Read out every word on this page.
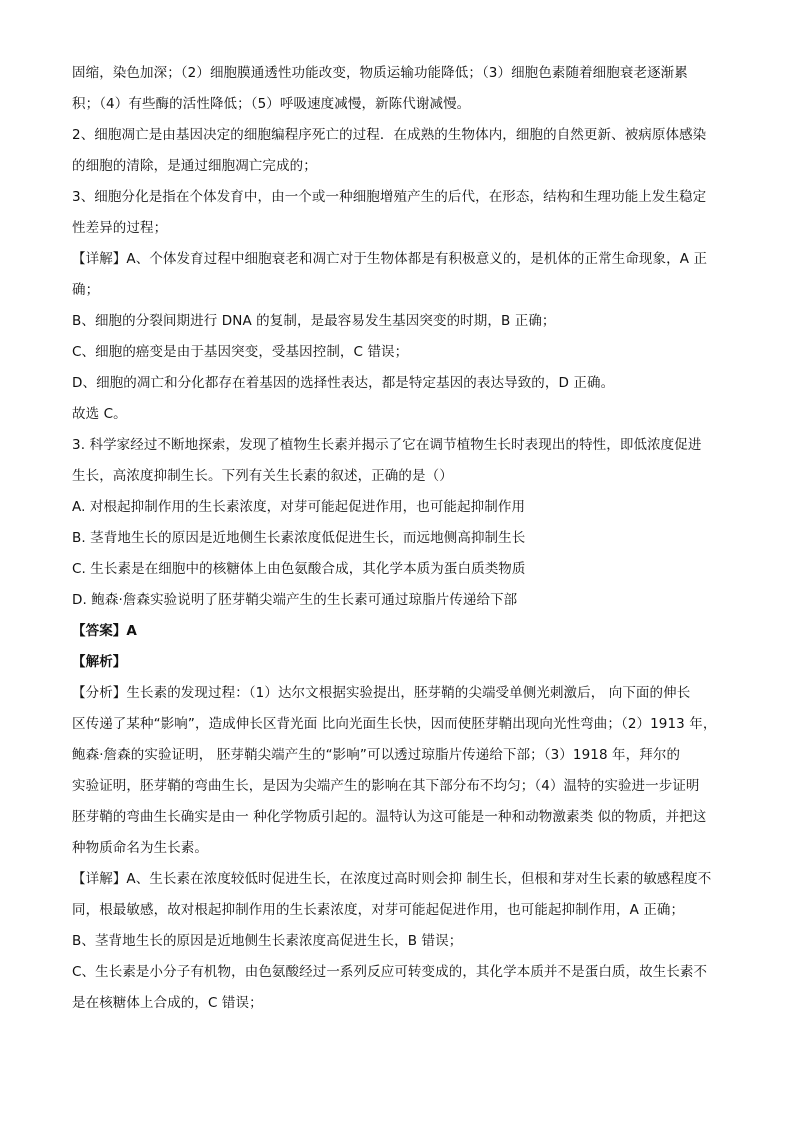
固缩，染色加深；（2）细胞膜通透性功能改变，物质运输功能降低；（3）细胞色素随着细胞衰老逐渐累
积；（4）有些酶的活性降低；（5）呼吸速度减慢，新陈代谢减慢。
2、细胞凋亡是由基因决定的细胞编程序死亡的过程．在成熟的生物体内，细胞的自然更新、被病原体感染
的细胞的清除，是通过细胞凋亡完成的；
3、细胞分化是指在个体发育中，由一个或一种细胞增殖产生的后代，在形态，结构和生理功能上发生稳定
性差异的过程；
【详解】A、个体发育过程中细胞衰老和凋亡对于生物体都是有积极意义的，是机体的正常生命现象，A 正
确；
B、细胞的分裂间期进行 DNA 的复制，是最容易发生基因突变的时期，B 正确；
C、细胞的癌变是由于基因突变，受基因控制，C 错误；
D、细胞的凋亡和分化都存在着基因的选择性表达，都是特定基因的表达导致的，D 正确。
故选 C。
3. 科学家经过不断地探索，发现了植物生长素并揭示了它在调节植物生长时表现出的特性，即低浓度促进
生长，高浓度抑制生长。下列有关生长素的叙述，正确的是（）
A. 对根起抑制作用的生长素浓度，对芽可能起促进作用，也可能起抑制作用
B. 茎背地生长的原因是近地侧生长素浓度低促进生长，而远地侧高抑制生长
C. 生长素是在细胞中的核糖体上由色氨酸合成，其化学本质为蛋白质类物质
D. 鲍森·詹森实验说明了胚芽鞘尖端产生的生长素可通过琼脂片传递给下部
【答案】A
【解析】
【分析】生长素的发现过程：（1）达尔文根据实验提出，胚芽鞘的尖端受单侧光刺激后， 向下面的伸长
区传递了某种“影响”，造成伸长区背光面 比向光面生长快，因而使胚芽鞘出现向光性弯曲；（2）1913 年，
鲍森·詹森的实验证明， 胚芽鞘尖端产生的“影响”可以透过琼脂片传递给下部；（3）1918 年，拜尔的
实验证明，胚芽鞘的弯曲生长，是因为尖端产生的影响在其下部分布不均匀；（4）温特的实验进一步证明
胚芽鞘的弯曲生长确实是由一 种化学物质引起的。温特认为这可能是一种和动物激素类 似的物质，并把这
种物质命名为生长素。
【详解】A、生长素在浓度较低时促进生长，在浓度过高时则会抑 制生长，但根和芽对生长素的敏感程度不
同，根最敏感，故对根起抑制作用的生长素浓度，对芽可能起促进作用，也可能起抑制作用，A 正确；
B、茎背地生长的原因是近地侧生长素浓度高促进生长，B 错误；
C、生长素是小分子有机物，由色氨酸经过一系列反应可转变成的，其化学本质并不是蛋白质，故生长素不
是在核糖体上合成的，C 错误；
